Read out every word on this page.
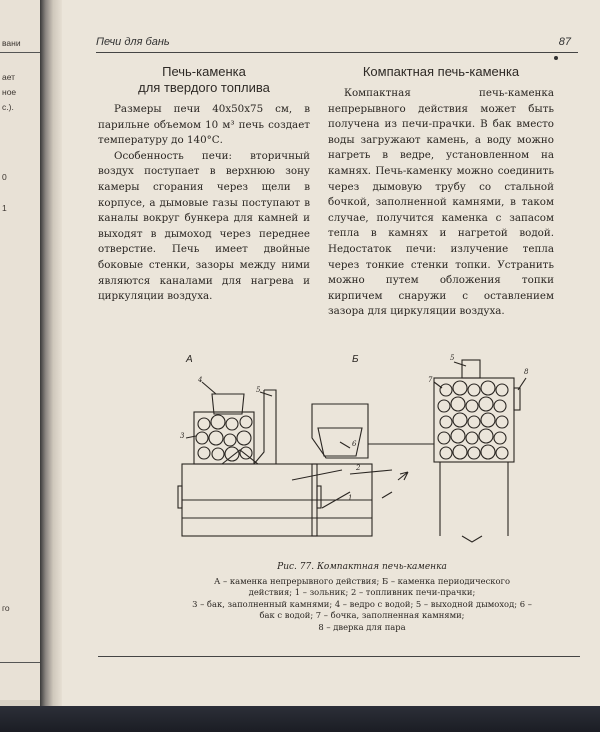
вани
ает
ное
с.).
0
1
го
Печи для бань	87
Печь-каменка
для твердого топлива

Размеры печи 40х50х75 см, в парильне объемом 10 м³ печь создает температуру до 140°С.

Особенность печи: вторичный воздух поступает в верхнюю зону камеры сгорания через щели в корпусе, а дымовые газы поступают в каналы вокруг бункера для камней и выходят в дымоход через переднее отверстие. Печь имеет двойные боковые стенки, зазоры между ними являются каналами для нагрева и циркуляции воздуха.

Компактная печь-каменка

Компактная печь-каменка непрерывного действия может быть получена из печи-прачки. В бак вместо воды загружают камень, а воду можно нагреть в ведре, установленном на камнях. Печь-каменку можно соединить через дымовую трубу со стальной бочкой, заполненной камнями, в таком случае, получится каменка с запасом тепла в камнях и нагретой водой. Недостаток печи: излучение тепла через тонкие стенки топки. Устранить можно путем обложения топки кирпичем снаружи с оставлением зазора для циркуляции воздуха.

А	Б
1
2
3
4
5
6
5
7
8
Рис. 77. Компактная печь-каменка
А – каменка непрерывного действия; Б – каменка периодического действия; 1 – зольник; 2 – топливник печи-прачки;
3 – бак, заполненный камнями; 4 – ведро с водой; 5 – выходной дымоход; 6 – бак с водой; 7 – бочка, заполненная камнями;
8 – дверка для пара
